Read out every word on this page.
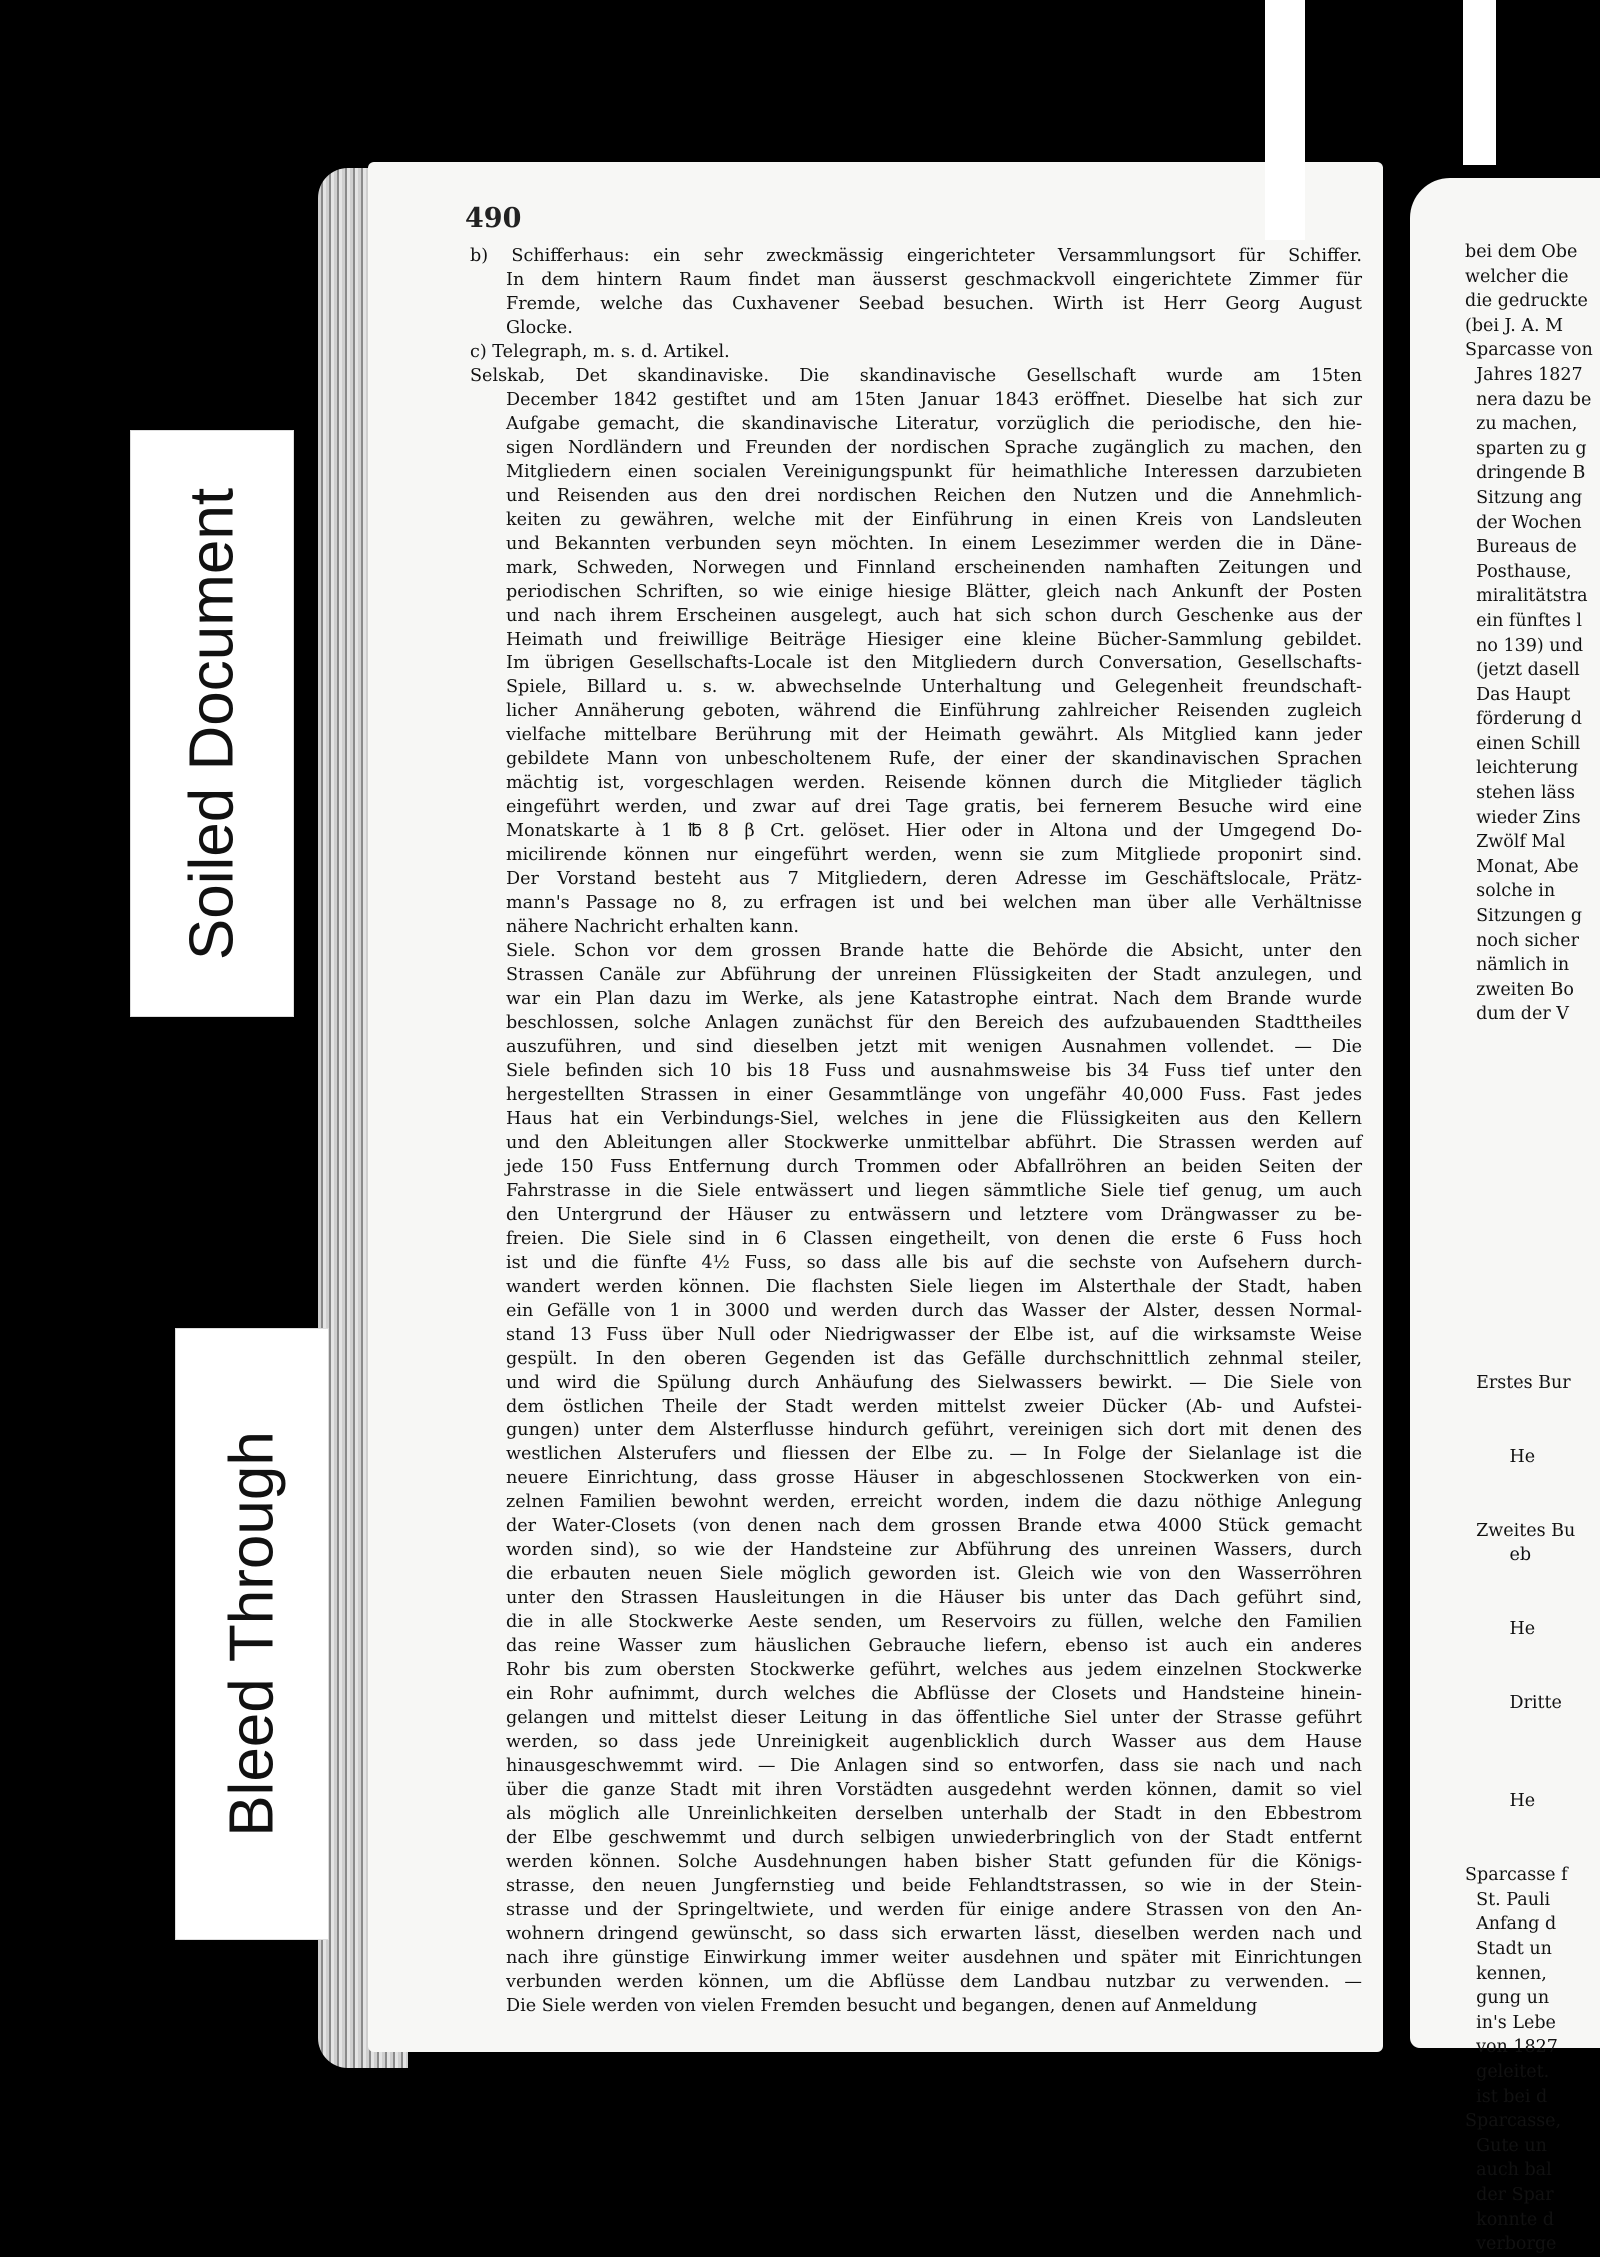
Soiled Document
Bleed Through
490
b) Schifferhaus: ein sehr zweckmässig eingerichteter Versammlungsort für Schiffer.
In dem hintern Raum findet man äusserst geschmackvoll eingerichtete Zimmer für
Fremde, welche das Cuxhavener Seebad besuchen. Wirth ist Herr Georg August
Glocke.
c) Telegraph, m. s. d. Artikel.
Selskab, Det skandinaviske. Die skandinavische Gesellschaft wurde am 15ten
December 1842 gestiftet und am 15ten Januar 1843 eröffnet. Dieselbe hat sich zur
Aufgabe gemacht, die skandinavische Literatur, vorzüglich die periodische, den hie-
sigen Nordländern und Freunden der nordischen Sprache zugänglich zu machen, den
Mitgliedern einen socialen Vereinigungspunkt für heimathliche Interessen darzubieten
und Reisenden aus den drei nordischen Reichen den Nutzen und die Annehmlich-
keiten zu gewähren, welche mit der Einführung in einen Kreis von Landsleuten
und Bekannten verbunden seyn möchten. In einem Lesezimmer werden die in Däne-
mark, Schweden, Norwegen und Finnland erscheinenden namhaften Zeitungen und
periodischen Schriften, so wie einige hiesige Blätter, gleich nach Ankunft der Posten
und nach ihrem Erscheinen ausgelegt, auch hat sich schon durch Geschenke aus der
Heimath und freiwillige Beiträge Hiesiger eine kleine Bücher-Sammlung gebildet.
Im übrigen Gesellschafts-Locale ist den Mitgliedern durch Conversation, Gesellschafts-
Spiele, Billard u. s. w. abwechselnde Unterhaltung und Gelegenheit freundschaft-
licher Annäherung geboten, während die Einführung zahlreicher Reisenden zugleich
vielfache mittelbare Berührung mit der Heimath gewährt. Als Mitglied kann jeder
gebildete Mann von unbescholtenem Rufe, der einer der skandinavischen Sprachen
mächtig ist, vorgeschlagen werden. Reisende können durch die Mitglieder täglich
eingeführt werden, und zwar auf drei Tage gratis, bei fernerem Besuche wird eine
Monatskarte à 1 ℔ 8 β Crt. gelöset. Hier oder in Altona und der Umgegend Do-
micilirende können nur eingeführt werden, wenn sie zum Mitgliede proponirt sind.
Der Vorstand besteht aus 7 Mitgliedern, deren Adresse im Geschäftslocale, Prätz-
mann's Passage no 8, zu erfragen ist und bei welchen man über alle Verhältnisse
nähere Nachricht erhalten kann.
Siele. Schon vor dem grossen Brande hatte die Behörde die Absicht, unter den
Strassen Canäle zur Abführung der unreinen Flüssigkeiten der Stadt anzulegen, und
war ein Plan dazu im Werke, als jene Katastrophe eintrat. Nach dem Brande wurde
beschlossen, solche Anlagen zunächst für den Bereich des aufzubauenden Stadttheiles
auszuführen, und sind dieselben jetzt mit wenigen Ausnahmen vollendet. — Die
Siele befinden sich 10 bis 18 Fuss und ausnahmsweise bis 34 Fuss tief unter den
hergestellten Strassen in einer Gesammtlänge von ungefähr 40,000 Fuss. Fast jedes
Haus hat ein Verbindungs-Siel, welches in jene die Flüssigkeiten aus den Kellern
und den Ableitungen aller Stockwerke unmittelbar abführt. Die Strassen werden auf
jede 150 Fuss Entfernung durch Trommen oder Abfallröhren an beiden Seiten der
Fahrstrasse in die Siele entwässert und liegen sämmtliche Siele tief genug, um auch
den Untergrund der Häuser zu entwässern und letztere vom Drängwasser zu be-
freien. Die Siele sind in 6 Classen eingetheilt, von denen die erste 6 Fuss hoch
ist und die fünfte 4½ Fuss, so dass alle bis auf die sechste von Aufsehern durch-
wandert werden können. Die flachsten Siele liegen im Alsterthale der Stadt, haben
ein Gefälle von 1 in 3000 und werden durch das Wasser der Alster, dessen Normal-
stand 13 Fuss über Null oder Niedrigwasser der Elbe ist, auf die wirksamste Weise
gespült. In den oberen Gegenden ist das Gefälle durchschnittlich zehnmal steiler,
und wird die Spülung durch Anhäufung des Sielwassers bewirkt. — Die Siele von
dem östlichen Theile der Stadt werden mittelst zweier Dücker (Ab- und Aufstei-
gungen) unter dem Alsterflusse hindurch geführt, vereinigen sich dort mit denen des
westlichen Alsterufers und fliessen der Elbe zu. — In Folge der Sielanlage ist die
neuere Einrichtung, dass grosse Häuser in abgeschlossenen Stockwerken von ein-
zelnen Familien bewohnt werden, erreicht worden, indem die dazu nöthige Anlegung
der Water-Closets (von denen nach dem grossen Brande etwa 4000 Stück gemacht
worden sind), so wie der Handsteine zur Abführung des unreinen Wassers, durch
die erbauten neuen Siele möglich geworden ist. Gleich wie von den Wasserröhren
unter den Strassen Hausleitungen in die Häuser bis unter das Dach geführt sind,
die in alle Stockwerke Aeste senden, um Reservoirs zu füllen, welche den Familien
das reine Wasser zum häuslichen Gebrauche liefern, ebenso ist auch ein anderes
Rohr bis zum obersten Stockwerke geführt, welches aus jedem einzelnen Stockwerke
ein Rohr aufnimmt, durch welches die Abflüsse der Closets und Handsteine hinein-
gelangen und mittelst dieser Leitung in das öffentliche Siel unter der Strasse geführt
werden, so dass jede Unreinigkeit augenblicklich durch Wasser aus dem Hause
hinausgeschwemmt wird. — Die Anlagen sind so entworfen, dass sie nach und nach
über die ganze Stadt mit ihren Vorstädten ausgedehnt werden können, damit so viel
als möglich alle Unreinlichkeiten derselben unterhalb der Stadt in den Ebbestrom
der Elbe geschwemmt und durch selbigen unwiederbringlich von der Stadt entfernt
werden können. Solche Ausdehnungen haben bisher Statt gefunden für die Königs-
strasse, den neuen Jungfernstieg und beide Fehlandtstrassen, so wie in der Stein-
strasse und der Springeltwiete, und werden für einige andere Strassen von den An-
wohnern dringend gewünscht, so dass sich erwarten lässt, dieselben werden nach und
nach ihre günstige Einwirkung immer weiter ausdehnen und später mit Einrichtungen
verbunden werden können, um die Abflüsse dem Landbau nutzbar zu verwenden. —
Die Siele werden von vielen Fremden besucht und begangen, denen auf Anmeldung
bei dem Obe
welcher die
die gedruckte
(bei J. A. M
Sparcasse von
Jahres 1827
nera dazu be
zu machen,
sparten zu g
dringende B
Sitzung ang
der Wochen
Bureaus de
Posthause,
miralitätstra
ein fünftes l
no 139) und
(jetzt dasell
Das Haupt
förderung d
einen Schill
leichterung
stehen läss
wieder Zins
Zwölf Mal
Monat, Abe
solche in
Sitzungen g
noch sicher
nämlich in
zweiten Bo
dum der V
Erstes Bur
He
Zweites Bu
eb
He
Dritte
He
Sparcasse f
St. Pauli
Anfang d
Stadt un
kennen,
gung un
in's Lebe
von 1827
geleitet.
ist bei d
Sparcasse,
Gute un
auch bal
der Spar
konnte d
verborge
